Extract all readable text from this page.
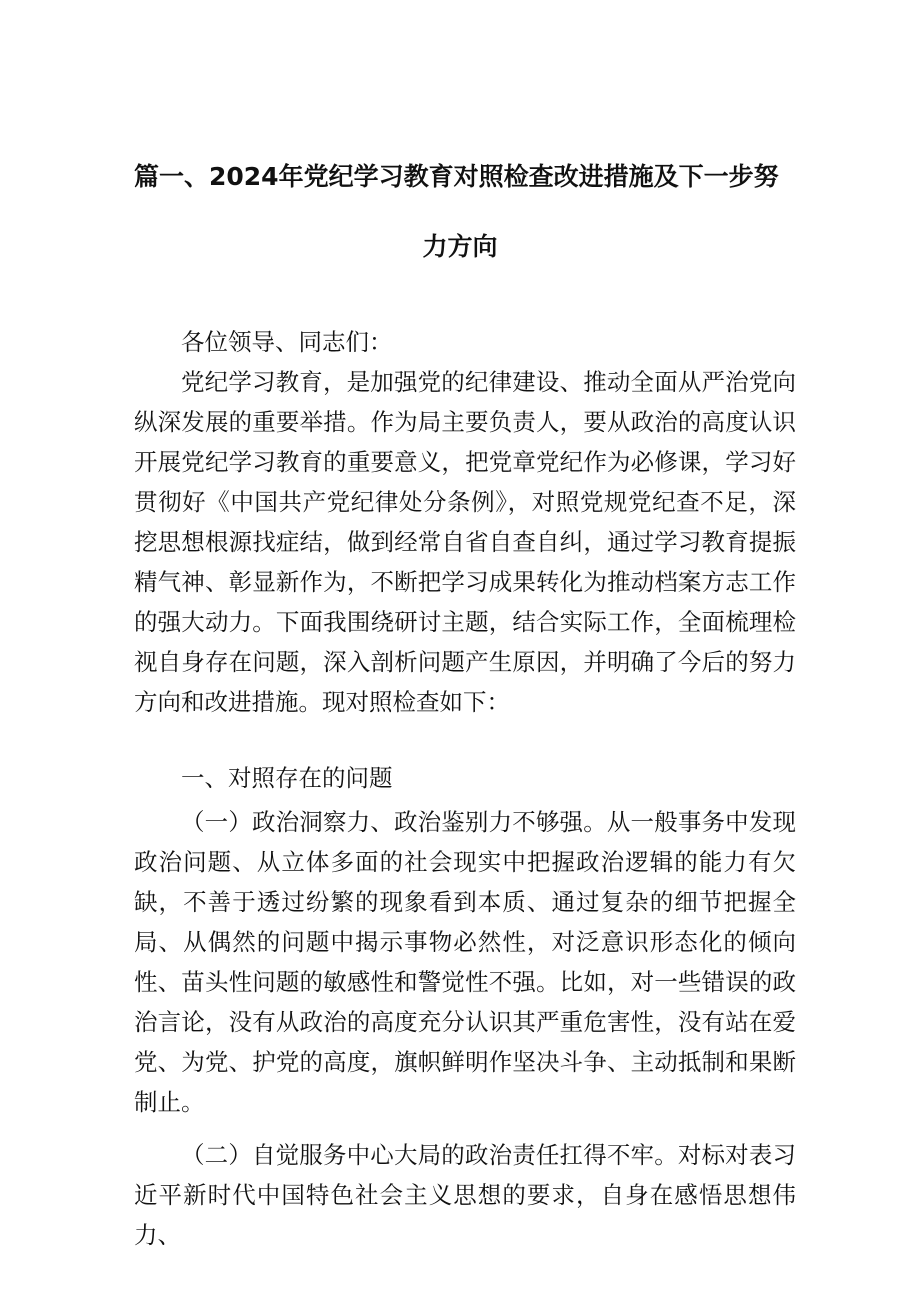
篇一、2024年党纪学习教育对照检查改进措施及下一步努
力方向

各位领导、同志们：

党纪学习教育，是加强党的纪律建设、推动全面从严治党向纵深发展的重要举措。作为局主要负责人，要从政治的高度认识开展党纪学习教育的重要意义，把党章党纪作为必修课，学习好贯彻好《中国共产党纪律处分条例》，对照党规党纪查不足，深挖思想根源找症结，做到经常自省自查自纠，通过学习教育提振精气神、彰显新作为，不断把学习成果转化为推动档案方志工作的强大动力。下面我围绕研讨主题，结合实际工作，全面梳理检视自身存在问题，深入剖析问题产生原因，并明确了今后的努力方向和改进措施。现对照检查如下：

一、对照存在的问题

（一）政治洞察力、政治鉴别力不够强。从一般事务中发现政治问题、从立体多面的社会现实中把握政治逻辑的能力有欠缺，不善于透过纷繁的现象看到本质、通过复杂的细节把握全局、从偶然的问题中揭示事物必然性，对泛意识形态化的倾向性、苗头性问题的敏感性和警觉性不强。比如，对一些错误的政治言论，没有从政治的高度充分认识其严重危害性，没有站在爱党、为党、护党的高度，旗帜鲜明作坚决斗争、主动抵制和果断制止。

（二）自觉服务中心大局的政治责任扛得不牢。对标对表习近平新时代中国特色社会主义思想的要求，自身在感悟思想伟力、
